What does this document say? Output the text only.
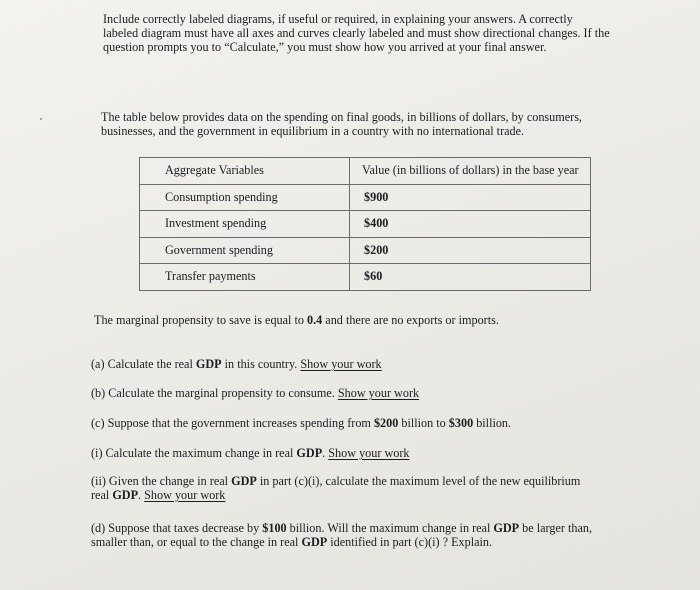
Include correctly labeled diagrams, if useful or required, in explaining your answers. A correctly
labeled diagram must have all axes and curves clearly labeled and must show directional changes. If the
question prompts you to “Calculate,” you must show how you arrived at your final answer.
The table below provides data on the spending on final goods, in billions of dollars, by consumers,
businesses, and the government in equilibrium in a country with no international trade.
Aggregate Variables	Value (in billions of dollars) in the base year
Consumption spending	$900
Investment spending	$400
Government spending	$200
Transfer payments	$60
The marginal propensity to save is equal to 0.4 and there are no exports or imports.
(a) Calculate the real GDP in this country. Show your work
(b) Calculate the marginal propensity to consume. Show your work
(c) Suppose that the government increases spending from $200 billion to $300 billion.
(i) Calculate the maximum change in real GDP. Show your work
(ii) Given the change in real GDP in part (c)(i), calculate the maximum level of the new equilibrium
real GDP. Show your work
(d) Suppose that taxes decrease by $100 billion. Will the maximum change in real GDP be larger than,
smaller than, or equal to the change in real GDP identified in part (c)(i) ? Explain.
